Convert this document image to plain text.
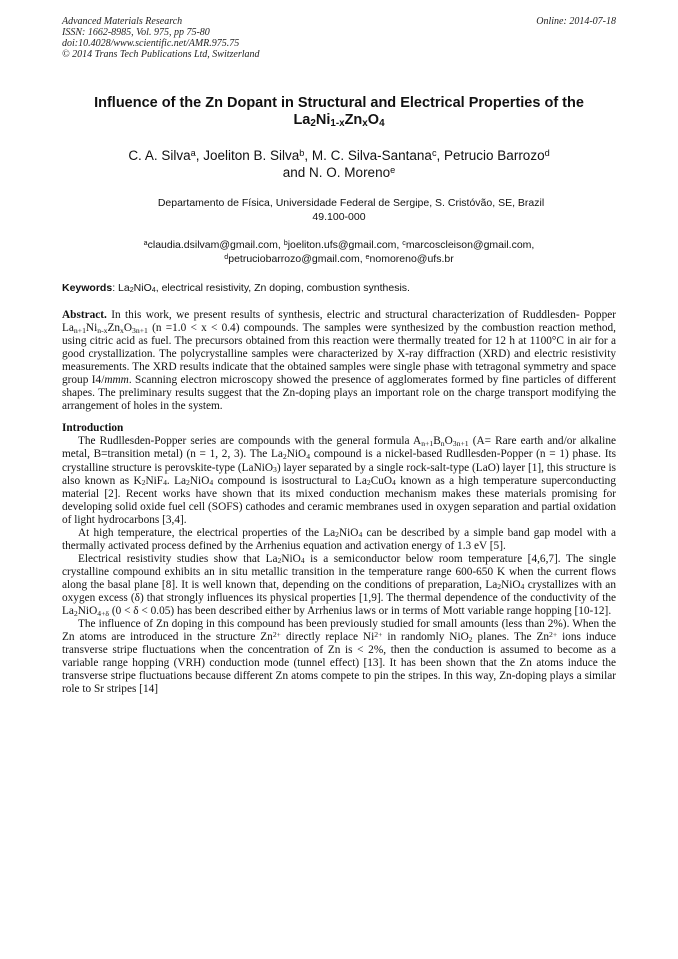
Advanced Materials Research
ISSN: 1662-8985, Vol. 975, pp 75-80
doi:10.4028/www.scientific.net/AMR.975.75
© 2014 Trans Tech Publications Ltd, Switzerland
Online: 2014-07-18
Influence of the Zn Dopant in Structural and Electrical Properties of the
$La_2Ni_{1-x}Zn_xO_4$
C. A. Silva$^a$, Joeliton B. Silva$^b$, M. C. Silva-Santana$^c$, Petrucio Barrozo$^d$
and N. O. Moreno$^e$
Departamento de Física, Universidade Federal de Sergipe, S. Cristóvão, SE, Brazil
49.100-000
$^a$claudia.dsilvam@gmail.com, $^b$joeliton.ufs@gmail.com, $^c$marcoscleison@gmail.com,
$^d$petruciobarrozo@gmail.com, $^e$nomoreno@ufs.br
Keywords: $La_2NiO_4$, electrical resistivity, Zn doping, combustion synthesis.

Abstract. In this work, we present results of synthesis, electric and structural characterization of Ruddlesden- Popper $La_{n+1}Ni_{n-x}Zn_xO_{3n+1}$ (n =1.0 < x < 0.4) compounds. The samples were synthesized by the combustion reaction method, using citric acid as fuel. The precursors obtained from this reaction were thermally treated for 12 h at 1100°C in air for a good crystallization. The polycrystalline samples were characterized by X-ray diffraction (XRD) and electric resistivity measurements. The XRD results indicate that the obtained samples were single phase with tetragonal symmetry and space group I4/mmm. Scanning electron microscopy showed the presence of agglomerates formed by fine particles of different shapes. The preliminary results suggest that the Zn-doping plays an important role on the charge transport modifying the arrangement of holes in the system.

Introduction

The Rudllesden-Popper series are compounds with the general formula $A_{n+1}B_nO_{3n+1}$ (A= Rare earth and/or alkaline metal, B=transition metal) (n = 1, 2, 3). The $La_2NiO_4$ compound is a nickel-based Rudllesden-Popper (n = 1) phase. Its crystalline structure is perovskite-type (LaNiO$_3$) layer separated by a single rock-salt-type (LaO) layer [1], this structure is also known as $K_2NiF_4$. $La_2NiO_4$ compound is isostructural to $La_2CuO_4$ known as a high temperature superconducting material [2]. Recent works have shown that its mixed conduction mechanism makes these materials promising for developing solid oxide fuel cell (SOFS) cathodes and ceramic membranes used in oxygen separation and partial oxidation of light hydrocarbons [3,4].

At high temperature, the electrical properties of the $La_2NiO_4$ can be described by a simple band gap model with a thermally activated process defined by the Arrhenius equation and activation energy of 1.3 eV [5].

Electrical resistivity studies show that $La_2NiO_4$ is a semiconductor below room temperature [4,6,7]. The single crystalline compound exhibits an in situ metallic transition in the temperature range 600-650 K when the current flows along the basal plane [8]. It is well known that, depending on the conditions of preparation, $La_2NiO_4$ crystallizes with an oxygen excess (δ) that strongly influences its physical properties [1,9]. The thermal dependence of the conductivity of the $La_2NiO_{4+\delta}$ (0 < δ < 0.05) has been described either by Arrhenius laws or in terms of Mott variable range hopping [10-12].

The influence of Zn doping in this compound has been previously studied for small amounts (less than 2%). When the Zn atoms are introduced in the structure $Zn^{2+}$ directly replace $Ni^{2+}$ in randomly NiO$_2$ planes. The $Zn^{2+}$ ions induce transverse stripe fluctuations when the concentration of Zn is < 2%, then the conduction is assumed to become as a variable range hopping (VRH) conduction mode (tunnel effect) [13]. It has been shown that the Zn atoms induce the transverse stripe fluctuations because different Zn atoms compete to pin the stripes. In this way, Zn-doping plays a similar role to Sr stripes [14]
